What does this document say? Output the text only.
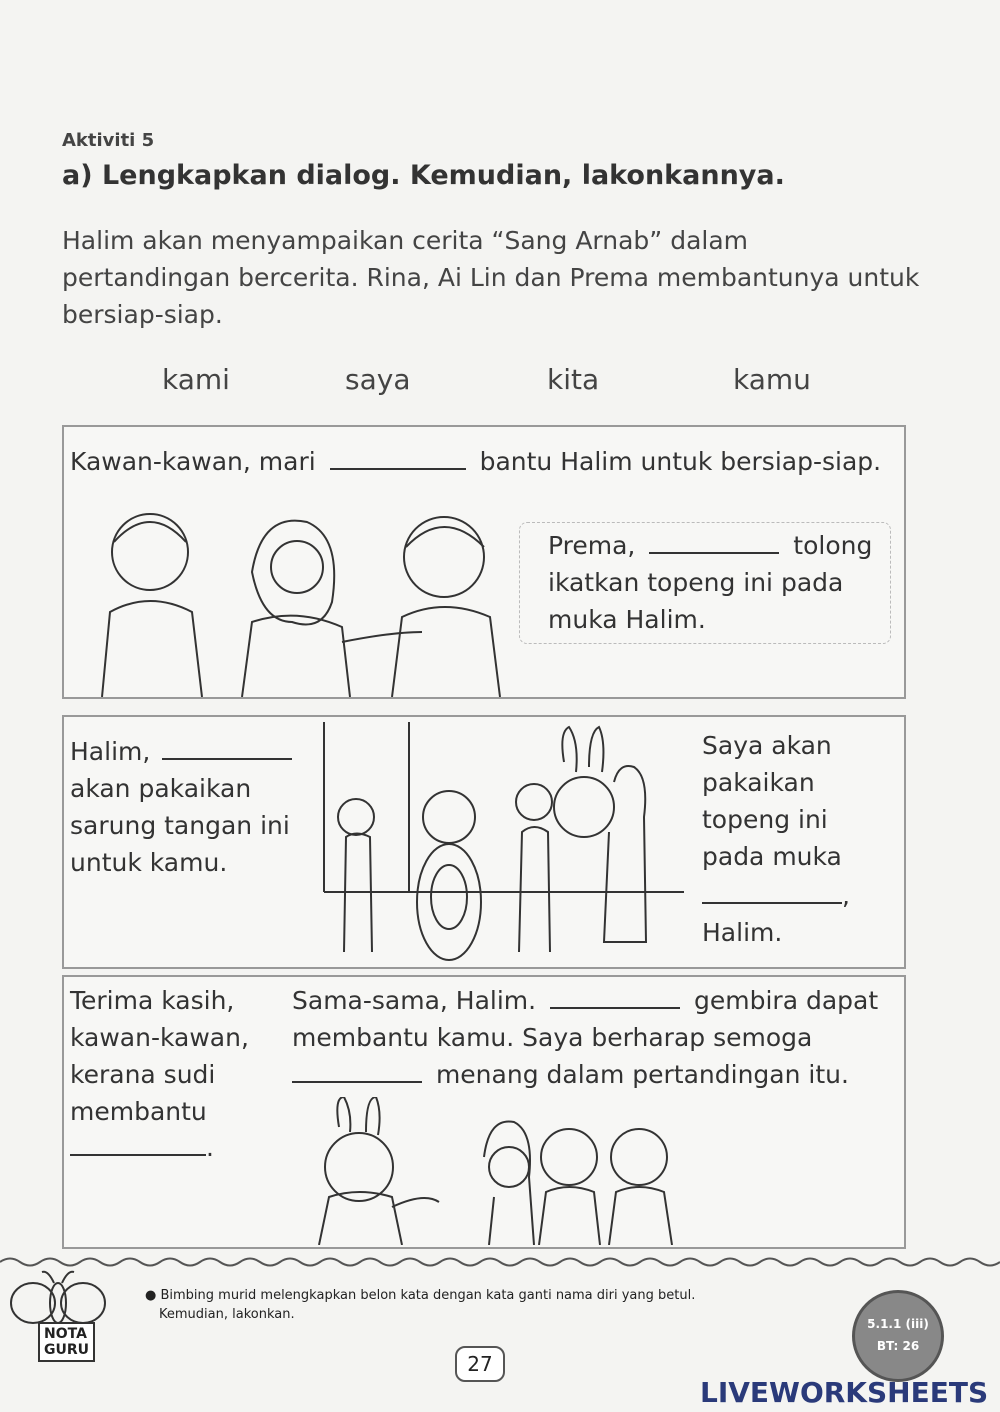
Aktiviti 5
a) Lengkapkan dialog. Kemudian, lakonkannya.
Halim akan menyampaikan cerita “Sang Arnab” dalam pertandingan bercerita. Rina, Ai Lin dan Prema membantunya untuk bersiap-siap.
kami	saya	kita	kamu
Kawan-kawan, mari	bantu Halim untuk bersiap-siap.
Prema,	tolong
ikatkan topeng ini pada
muka Halim.
Halim,
akan pakaikan
sarung tangan ini
untuk kamu.
Saya akan
pakaikan
topeng ini
pada muka
,
Halim.
Terima kasih,
kawan-kawan,
kerana sudi
membantu
.
Sama-sama, Halim.	gembira dapat
membantu kamu. Saya berharap semoga
menang dalam pertandingan itu.
NOTA
GURU
● Bimbing murid melengkapkan belon kata dengan kata ganti nama diri yang betul.
Kemudian, lakonkan.
27
5.1.1 (iii)
BT: 26
LIVEWORKSHEETS
